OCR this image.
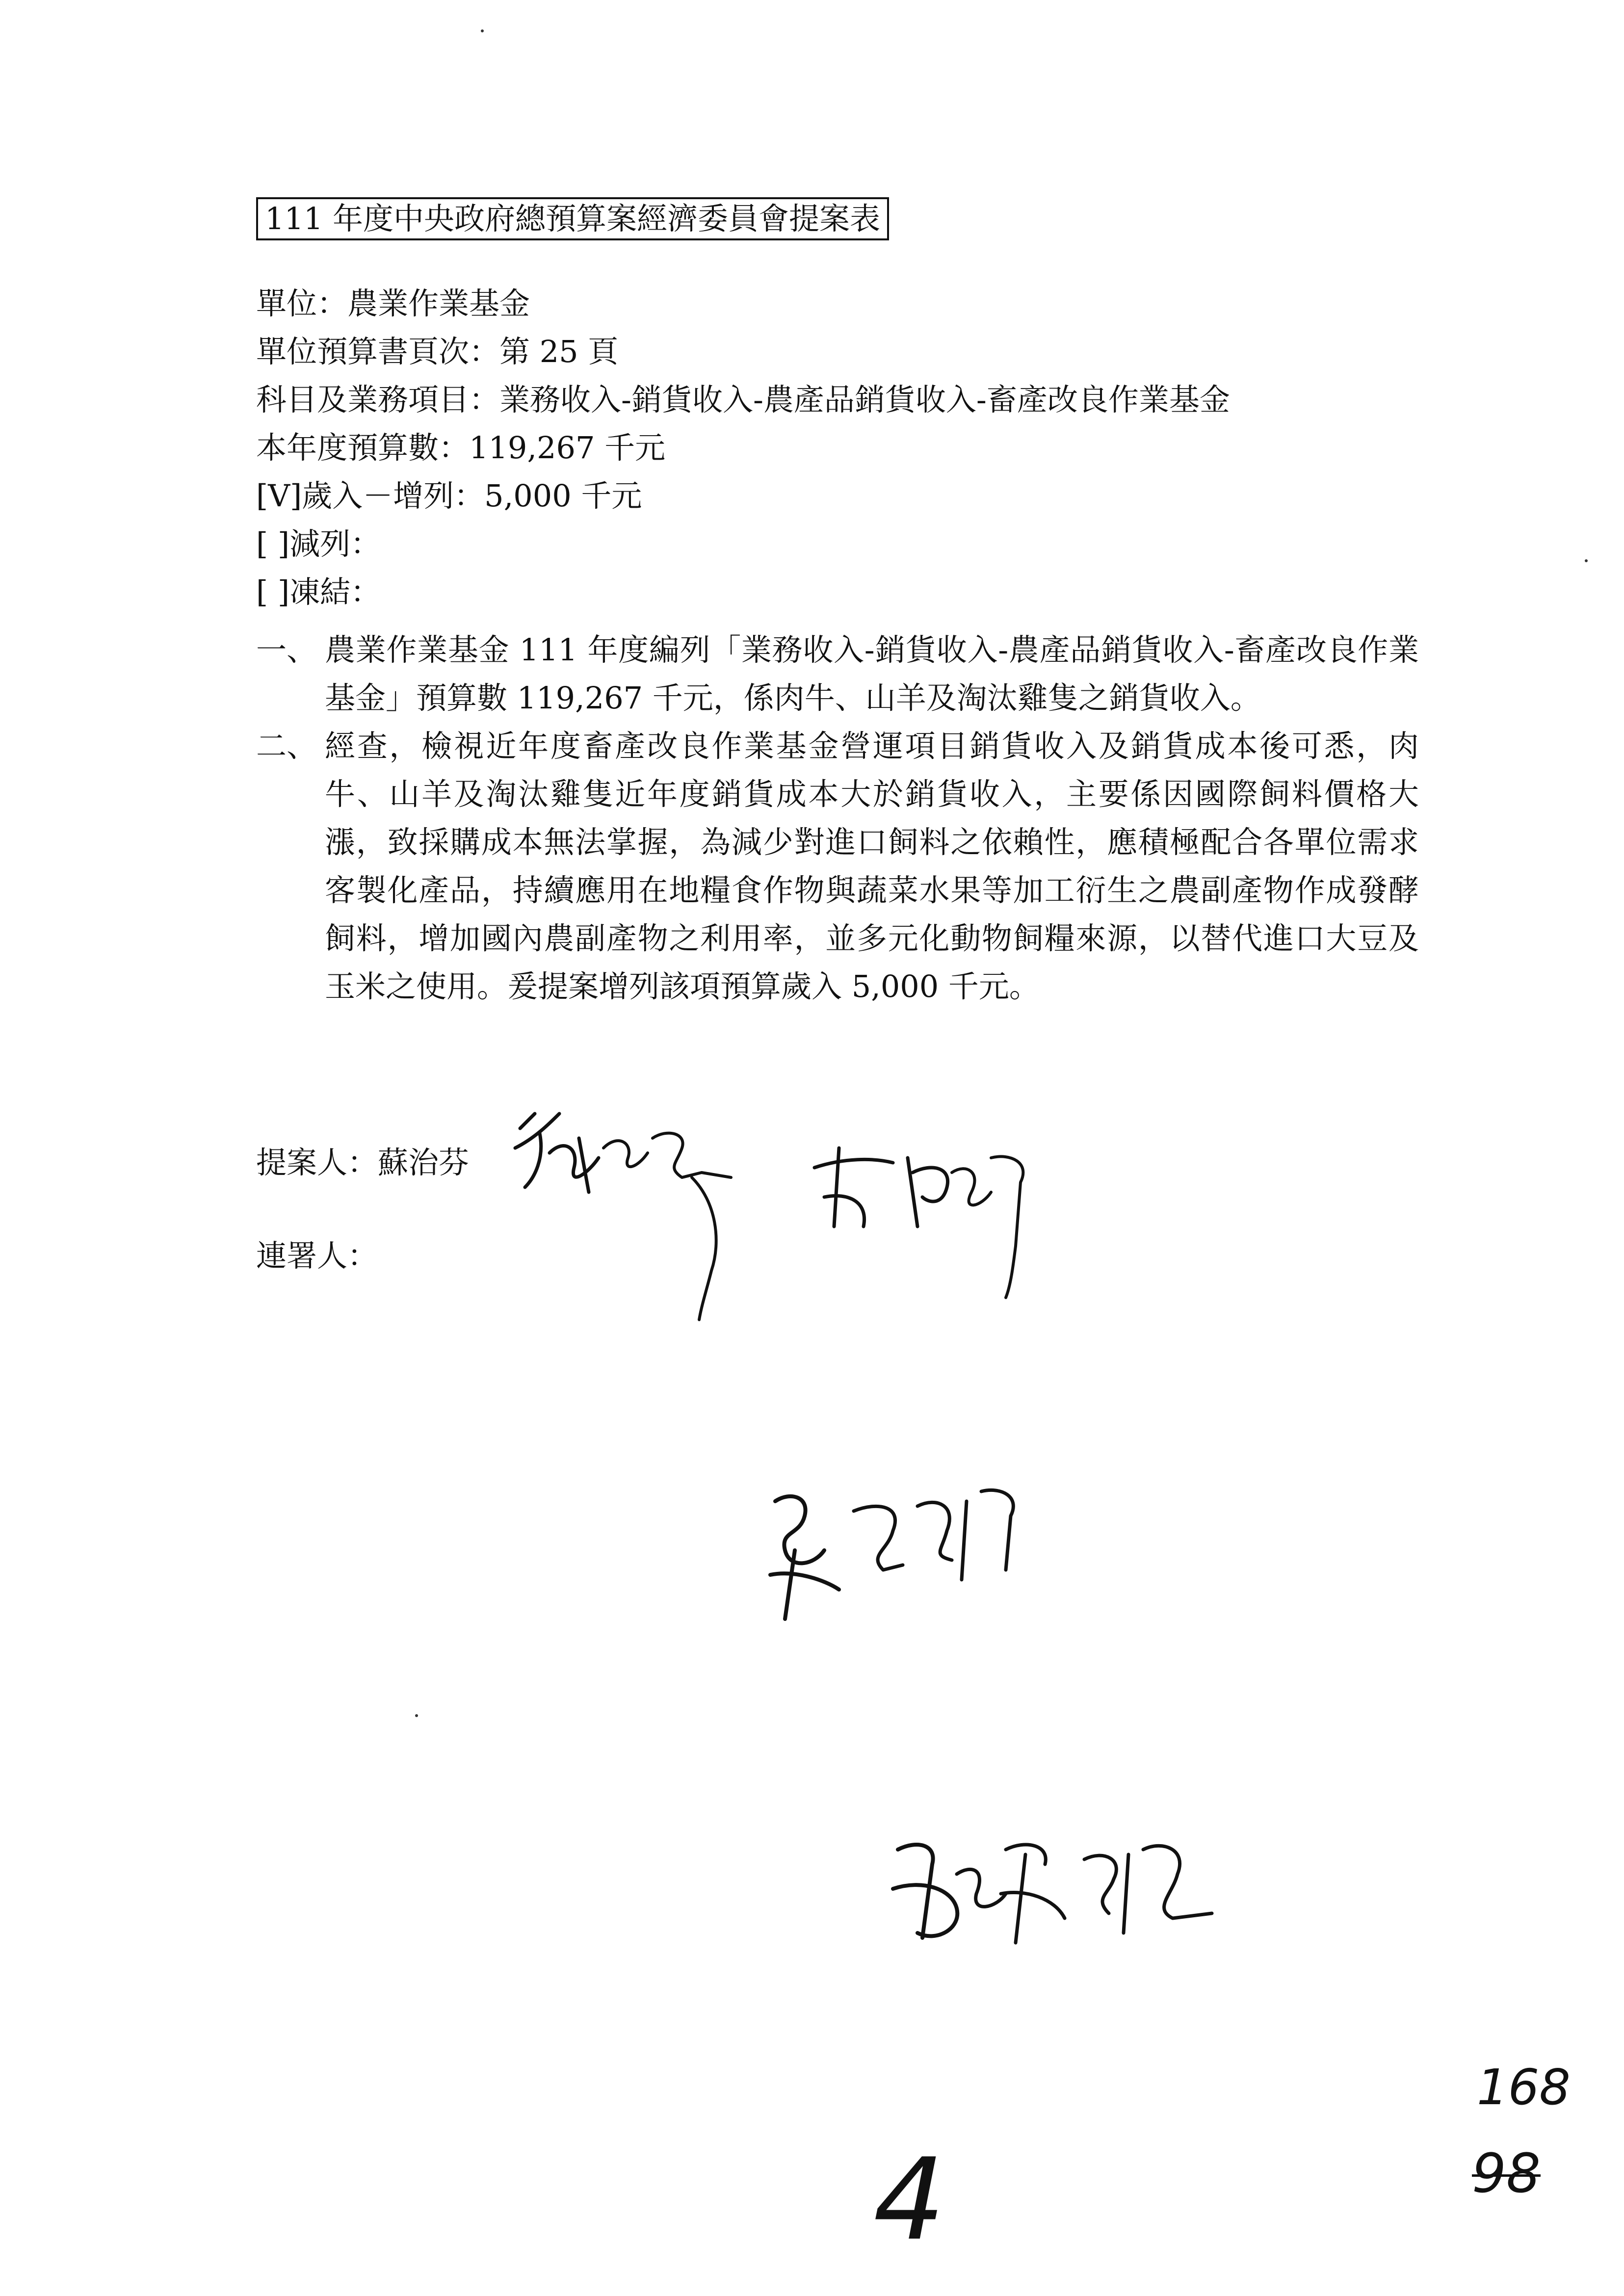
111 年度中央政府總預算案經濟委員會提案表
單位：農業作業基金
單位預算書頁次：第 25 頁
科目及業務項目：業務收入-銷貨收入-農產品銷貨收入-畜產改良作業基金
本年度預算數：119,267 千元
[V]歲入－增列：5,000 千元
[ ]減列：
[ ]凍結：
一、 農業作業基金 111 年度編列「業務收入-銷貨收入-農產品銷貨收入-畜產改良作業基金」預算數 119,267 千元，係肉牛、山羊及淘汰雞隻之銷貨收入。
二、 經查，檢視近年度畜產改良作業基金營運項目銷貨收入及銷貨成本後可悉，肉牛、山羊及淘汰雞隻近年度銷貨成本大於銷貨收入，主要係因國際飼料價格大漲，致採購成本無法掌握，為減少對進口飼料之依賴性，應積極配合各單位需求客製化產品，持續應用在地糧食作物與蔬菜水果等加工衍生之農副產物作成發酵飼料，增加國內農副產物之利用率，並多元化動物飼糧來源，以替代進口大豆及玉米之使用。爰提案增列該項預算歲入 5,000 千元。
提案人：蘇治芬
連署人：
4
168
98
